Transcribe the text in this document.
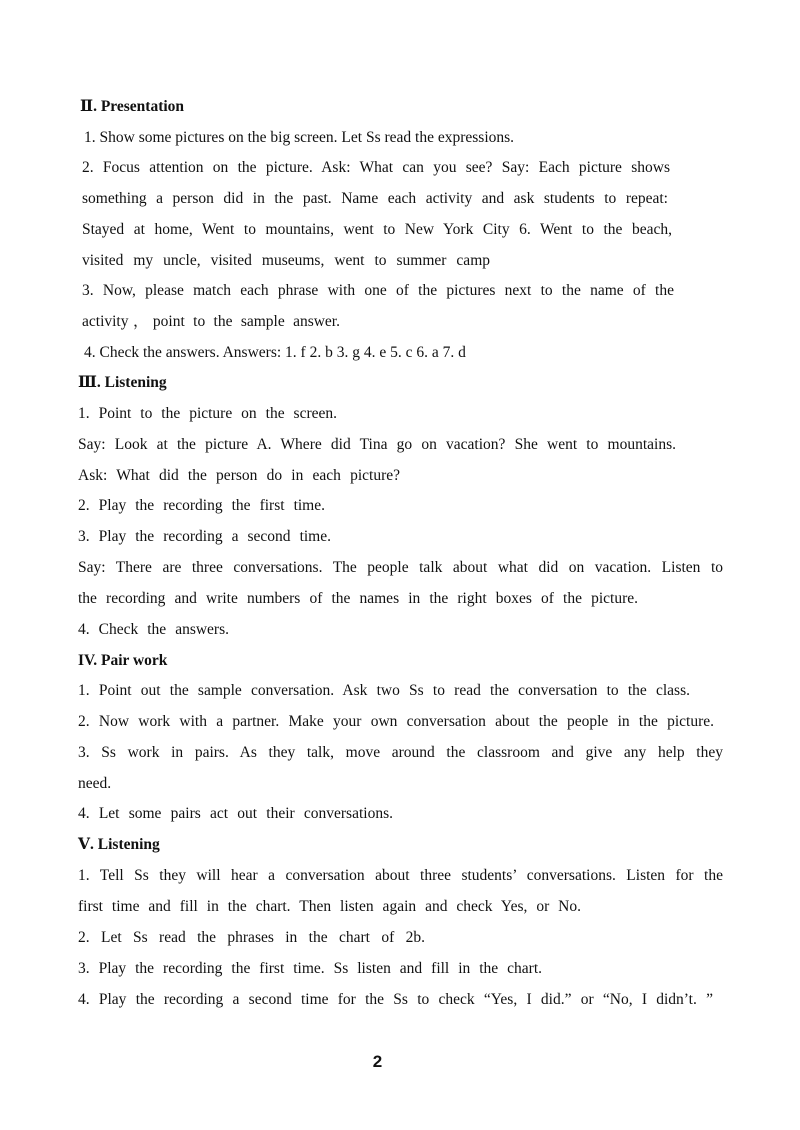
Ⅱ. Presentation

1. Show some pictures on the big screen. Let Ss read the expressions.

2. Focus attention on the picture. Ask: What can you see? Say: Each picture shows

something a person did in the past. Name each activity and ask students to repeat:

Stayed at home, Went to mountains, went to New York City 6. Went to the beach,

visited my uncle, visited museums, went to summer camp

3. Now, please match each phrase with one of the pictures next to the name of the

activity，point to the sample answer.

4. Check the answers. Answers: 1. f 2. b 3. g 4. e 5. c 6. a 7. d

Ⅲ. Listening

1. Point to the picture on the screen.

Say: Look at the picture A. Where did Tina go on vacation? She went to mountains.

Ask: What did the person do in each picture?

2. Play the recording the first time.

3. Play the recording a second time.

Say: There are three conversations. The people talk about what did on vacation. Listen to

the recording and write numbers of the names in the right boxes of the picture.

4. Check the answers.

IV. Pair work

1. Point out the sample conversation. Ask two Ss to read the conversation to the class.

2. Now work with a partner. Make your own conversation about the people in the picture.

3. Ss work in pairs. As they talk, move around the classroom and give any help they

need.

4. Let some pairs act out their conversations.

Ⅴ. Listening

1. Tell Ss they will hear a conversation about three students’ conversations. Listen for the

first time and fill in the chart. Then listen again and check Yes, or No.

2. Let Ss read the phrases in the chart of 2b.

3. Play the recording the first time. Ss listen and fill in the chart.

4. Play the recording a second time for the Ss to check “Yes, I did.” or “No, I didn’t. ”

2
